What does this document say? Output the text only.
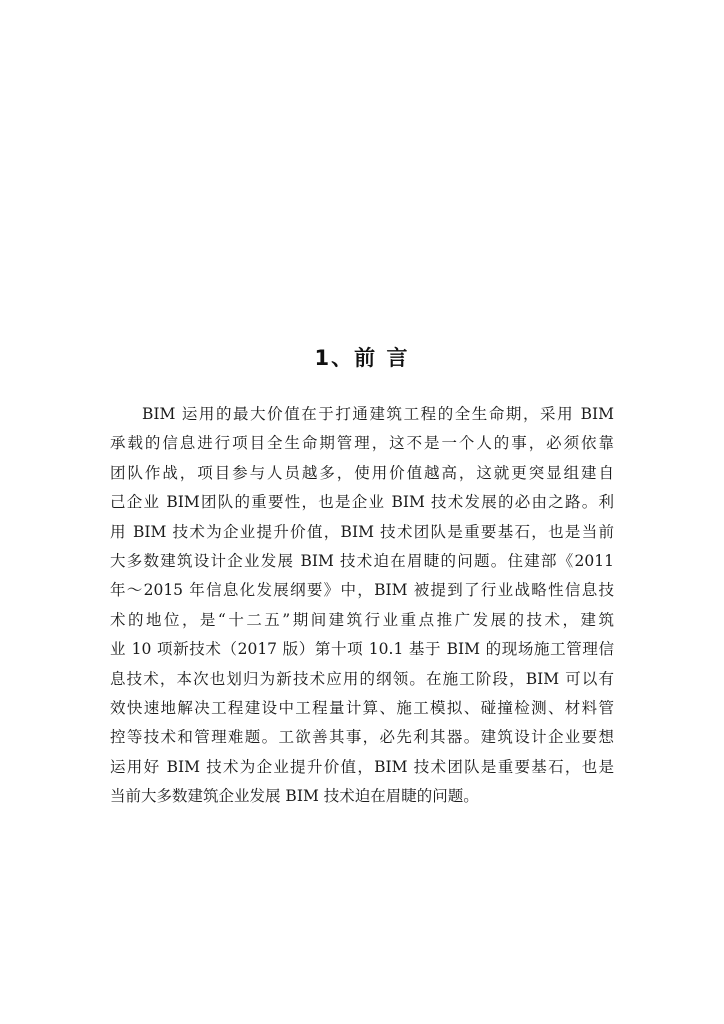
1、前 言
BIM 运用的最大价值在于打通建筑工程的全生命期，采用 BIM
承载的信息进行项目全生命期管理，这不是一个人的事，必须依靠
团队作战，项目参与人员越多，使用价值越高，这就更突显组建自
己企业 BIM团队的重要性，也是企业 BIM 技术发展的必由之路。利
用 BIM 技术为企业提升价值，BIM 技术团队是重要基石，也是当前
大多数建筑设计企业发展 BIM 技术迫在眉睫的问题。住建部《2011
年～2015 年信息化发展纲要》中，BIM 被提到了行业战略性信息技
术的地位，是“十二五”期间建筑行业重点推广发展的技术，建筑
业 10 项新技术（2017 版）第十项 10.1 基于 BIM 的现场施工管理信
息技术，本次也划归为新技术应用的纲领。在施工阶段，BIM 可以有
效快速地解决工程建设中工程量计算、施工模拟、碰撞检测、材料管
控等技术和管理难题。工欲善其事，必先利其器。建筑设计企业要想
运用好 BIM 技术为企业提升价值，BIM 技术团队是重要基石，也是
当前大多数建筑企业发展 BIM 技术迫在眉睫的问题。
